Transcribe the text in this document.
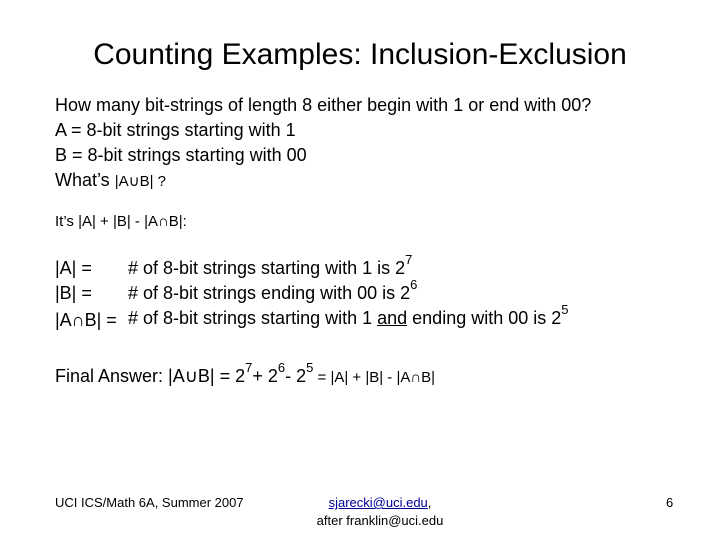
Counting Examples: Inclusion-Exclusion
How many bit-strings of length 8 either begin with 1 or end with 00?
A = 8-bit strings starting with 1
B = 8-bit strings starting with 00
What’s |A∪B| ?
It’s |A| + |B| - |A∩B|:
|A| = # of 8-bit strings starting with 1 is $2^7$
|B| = # of 8-bit strings ending with 00 is $2^6$
|A∩B| = # of 8-bit strings starting with 1 and ending with 00 is $2^5$
Final Answer: |A∪B| = $2^7+ 2^6-$ $2^5 = |A| + |B|$ - |A∩B|
UCI ICS/Math 6A, Summer 2007	sjarecki@uci.edu,
after franklin@uci.edu
6
